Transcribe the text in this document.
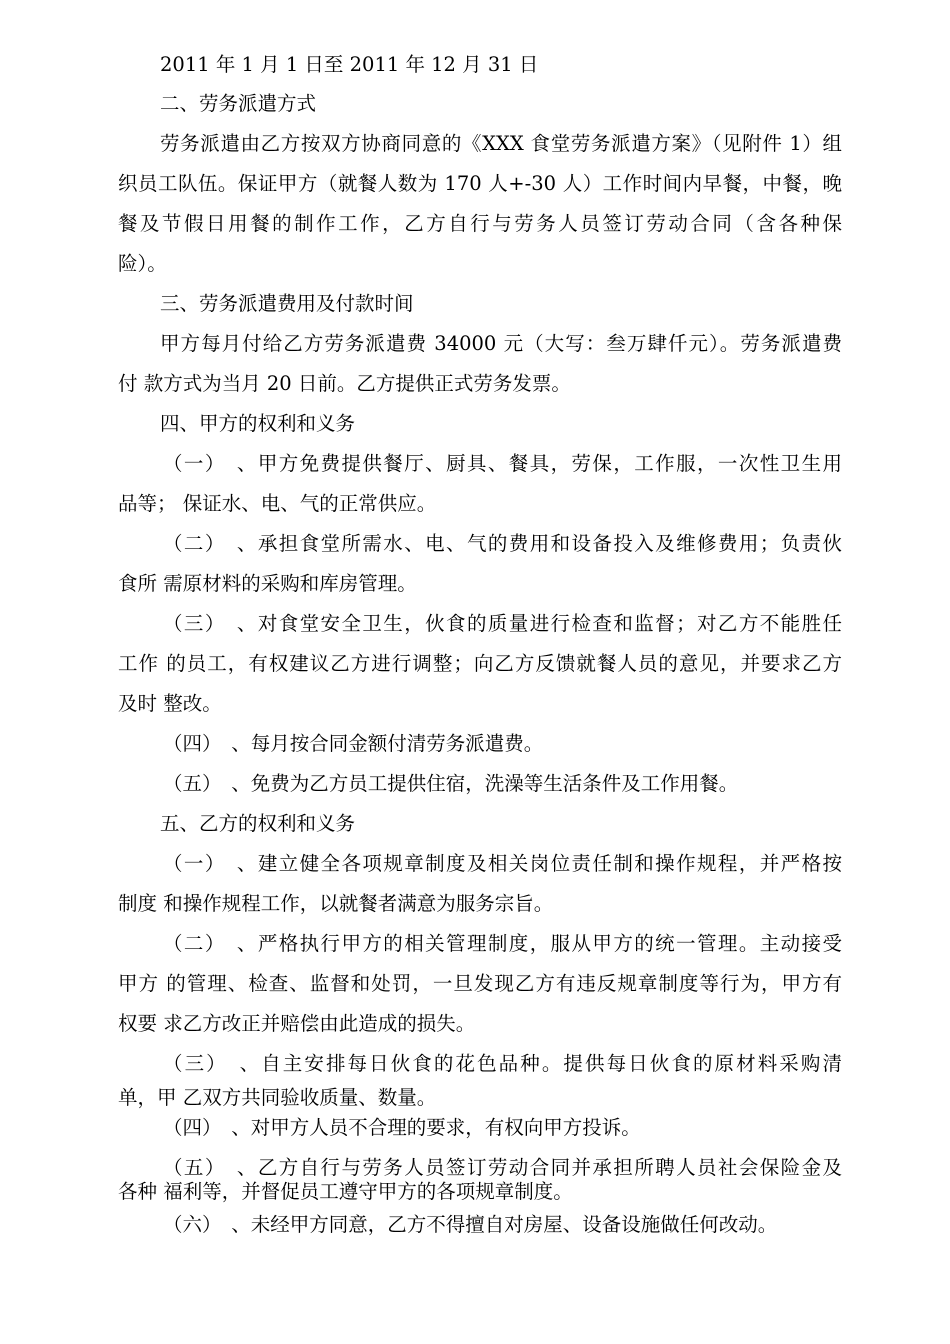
2011 年 1 月 1 日至 2011 年 12 月 31 日
二、劳务派遣方式
劳务派遣由乙方按双方协商同意的《XXX 食堂劳务派遣方案》（见附件 1）组
织员工队伍。保证甲方（就餐人数为 170 人+-30 人）工作时间内早餐，中餐，晚
餐及节假日用餐的制作工作，乙方自行与劳务人员签订劳动合同（含各种保
险）。
三、劳务派遣费用及付款时间
甲方每月付给乙方劳务派遣费 34000 元（大写：叁万肆仟元）。劳务派遣费
付 款方式为当月 20 日前。乙方提供正式劳务发票。
四、甲方的权利和义务
（一）　、甲方免费提供餐厅、厨具、餐具，劳保，工作服，一次性卫生用
品等； 保证水、电、气的正常供应。
（二）　、承担食堂所需水、电、气的费用和设备投入及维修费用；负责伙
食所 需原材料的采购和库房管理。
（三）　、对食堂安全卫生，伙食的质量进行检查和监督；对乙方不能胜任
工作 的员工，有权建议乙方进行调整；向乙方反馈就餐人员的意见，并要求乙方
及时 整改。
（四）　、每月按合同金额付清劳务派遣费。
（五）　、免费为乙方员工提供住宿，洗澡等生活条件及工作用餐。
五、乙方的权利和义务
（一）　、建立健全各项规章制度及相关岗位责任制和操作规程，并严格按
制度 和操作规程工作，以就餐者满意为服务宗旨。
（二）　、严格执行甲方的相关管理制度，服从甲方的统一管理。主动接受
甲方 的管理、检查、监督和处罚，一旦发现乙方有违反规章制度等行为，甲方有
权要 求乙方改正并赔偿由此造成的损失。
（三）　、自主安排每日伙食的花色品种。提供每日伙食的原材料采购清
单，甲 乙双方共同验收质量、数量。
（四）　、对甲方人员不合理的要求，有权向甲方投诉。
（五）　、乙方自行与劳务人员签订劳动合同并承担所聘人员社会保险金及
各种 福利等，并督促员工遵守甲方的各项规章制度。
（六）　、未经甲方同意，乙方不得擅自对房屋、设备设施做任何改动。
